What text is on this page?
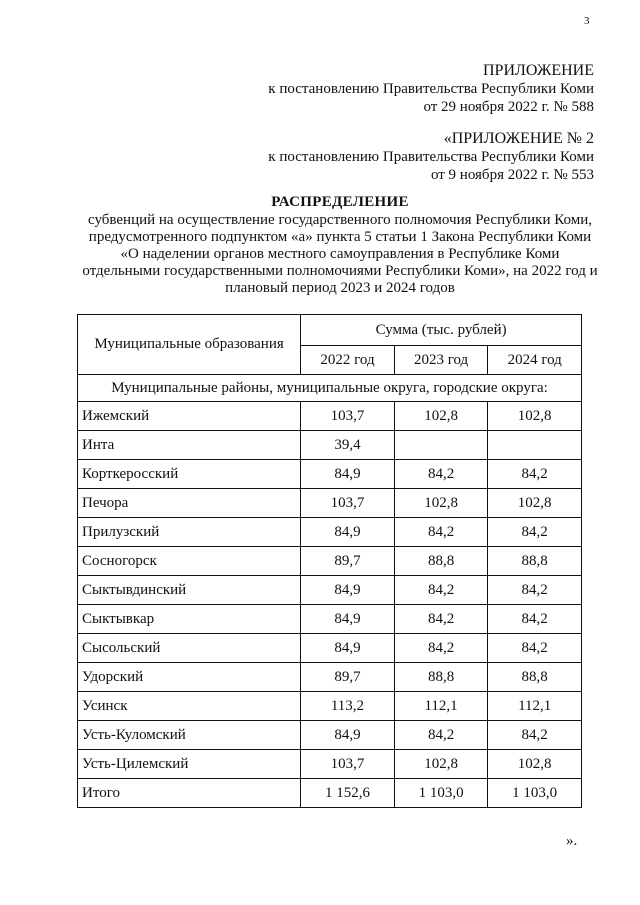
3
ПРИЛОЖЕНИЕ
к постановлению Правительства Республики Коми
от 29 ноября 2022 г. № 588
«ПРИЛОЖЕНИЕ № 2
к постановлению Правительства Республики Коми
от 9 ноября 2022 г. № 553
РАСПРЕДЕЛЕНИЕ
субвенций на осуществление государственного полномочия Республики Коми, предусмотренного подпунктом «а» пункта 5 статьи 1 Закона Республики Коми «О наделении органов местного самоуправления в Республике Коми отдельными государственными полномочиями Республики Коми», на 2022 год и плановый период 2023 и 2024 годов
Муниципальные образования	Сумма (тыс. рублей)		
	2022 год	2023 год	2024 год
Муниципальные районы, муниципальные округа, городские округа:			
Ижемский	103,7	102,8	102,8
Инта	39,4		
Корткеросский	84,9	84,2	84,2
Печора	103,7	102,8	102,8
Прилузский	84,9	84,2	84,2
Сосногорск	89,7	88,8	88,8
Сыктывдинский	84,9	84,2	84,2
Сыктывкар	84,9	84,2	84,2
Сысольский	84,9	84,2	84,2
Удорский	89,7	88,8	88,8
Усинск	113,2	112,1	112,1
Усть-Куломский	84,9	84,2	84,2
Усть-Цилемский	103,7	102,8	102,8
Итого	1 152,6	1 103,0	1 103,0
».
